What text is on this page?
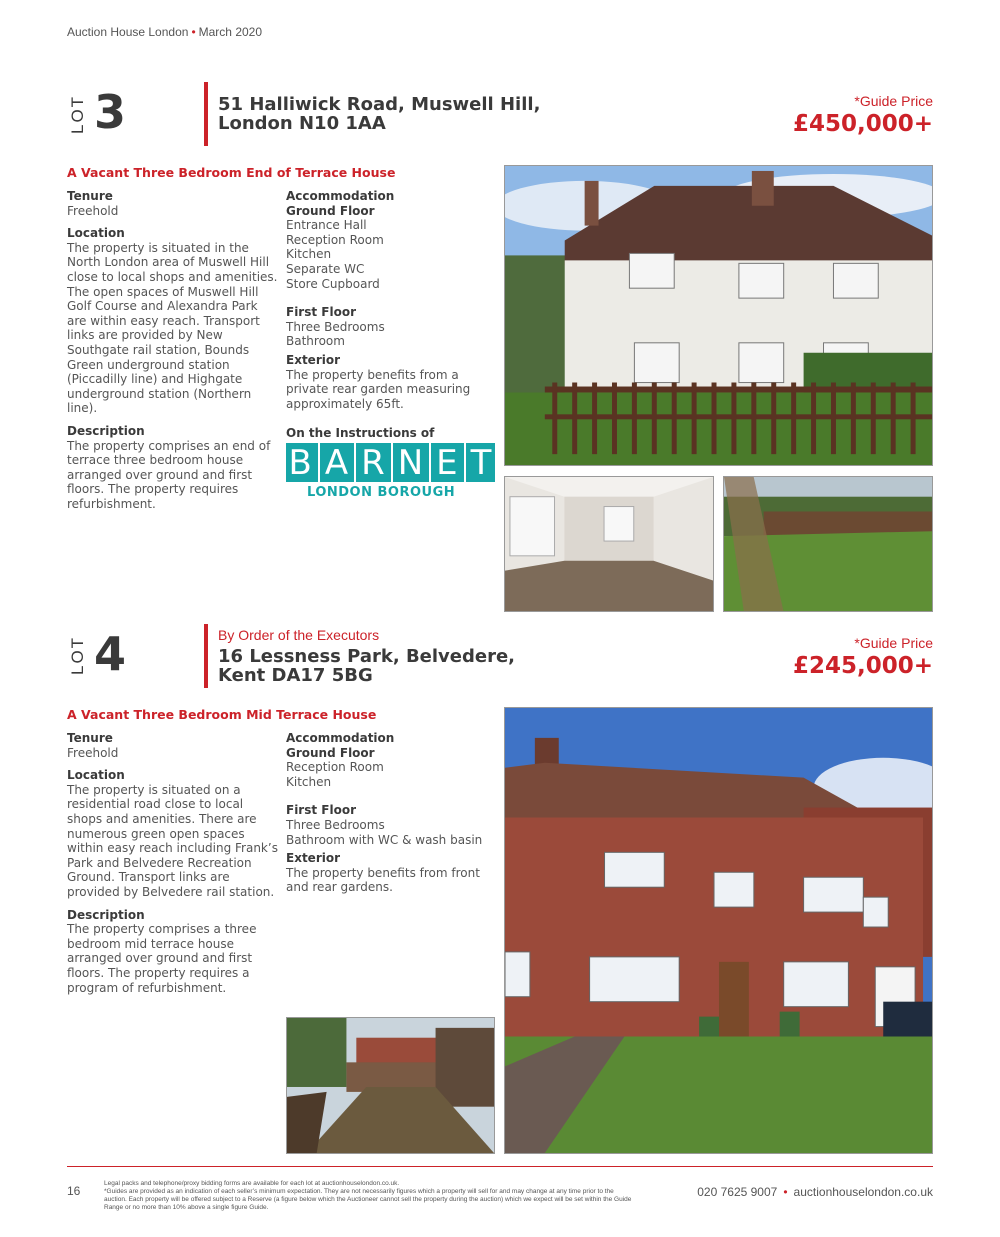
Auction House London • March 2020
LOT 3	51 Halliwick Road, Muswell Hill,
London N10 1AA
*Guide Price
£450,000+
A Vacant Three Bedroom End of Terrace House
Tenure

Freehold

Location

The property is situated in the North London area of Muswell Hill close to local shops and amenities. The open spaces of Muswell Hill Golf Course and Alexandra Park are within easy reach. Transport links are provided by New Southgate rail station, Bounds Green underground station (Piccadilly line) and Highgate underground station (Northern line).

Description

The property comprises an end of terrace three bedroom house arranged over ground and first floors. The property requires refurbishment.

Accommodation
Ground Floor
Entrance Hall
Reception Room
Kitchen
Separate WC
Store Cupboard
First Floor
Three Bedrooms
Bathroom
Exterior

The property benefits from a private rear garden measuring approximately 65ft.

On the Instructions of
B A R N E T
LONDON BOROUGH
LOT 4	By Order of the Executors
16 Lessness Park, Belvedere,
Kent DA17 5BG
*Guide Price
£245,000+
A Vacant Three Bedroom Mid Terrace House
Tenure

Freehold

Location

The property is situated on a residential road close to local shops and amenities. There are numerous green open spaces within easy reach including Frank’s Park and Belvedere Recreation Ground. Transport links are provided by Belvedere rail station.

Description

The property comprises a three bedroom mid terrace house arranged over ground and first floors. The property requires a program of refurbishment.

Accommodation
Ground Floor
Reception Room
Kitchen
First Floor
Three Bedrooms
Bathroom with WC & wash basin
Exterior

The property benefits from front and rear gardens.

16
Legal packs and telephone/proxy bidding forms are available for each lot at auctionhouselondon.co.uk.
*Guides are provided as an indication of each seller’s minimum expectation. They are not necessarily figures which a property will sell for and may change at any time prior to the auction. Each property will be offered subject to a Reserve (a figure below which the Auctioneer cannot sell the property during the auction) which we expect will be set within the Guide Range or no more than 10% above a single figure Guide.
020 7625 9007 • auctionhouselondon.co.uk
